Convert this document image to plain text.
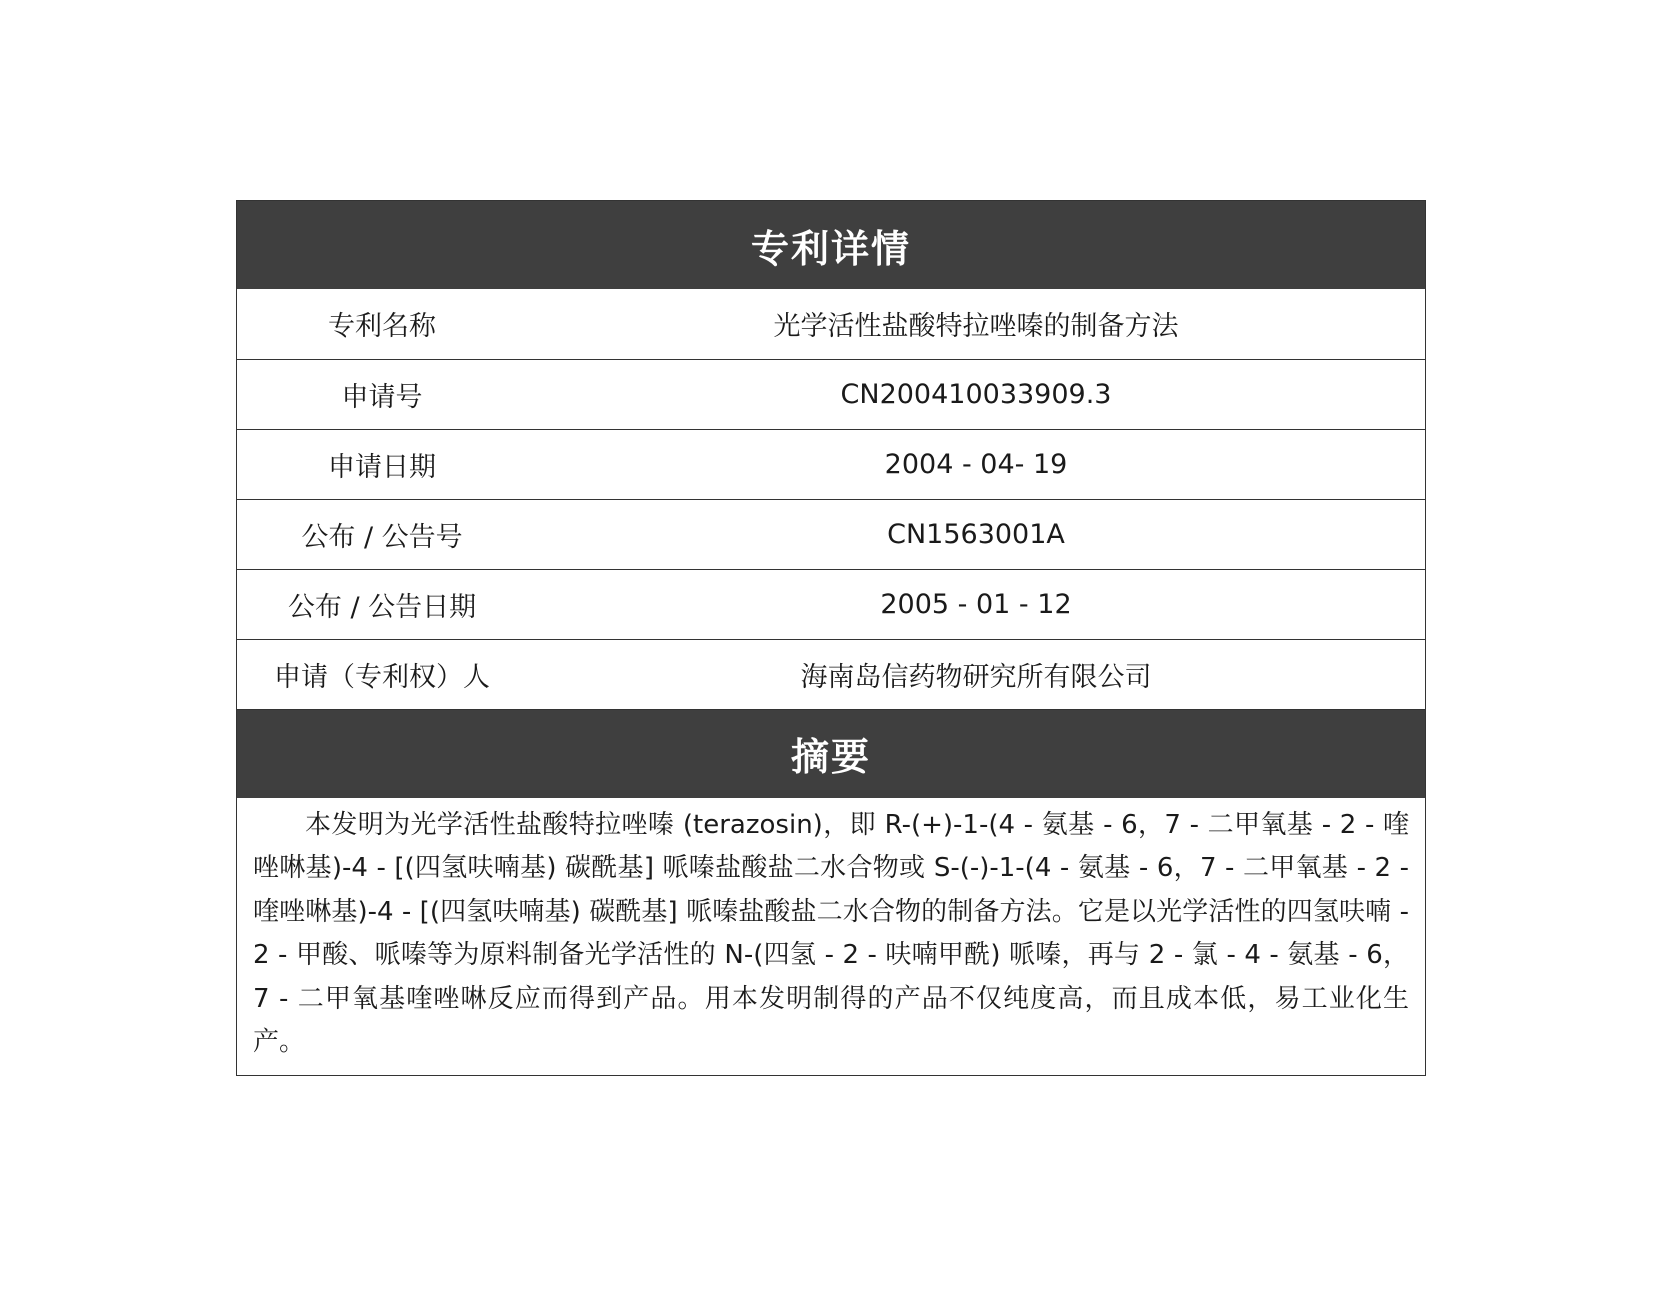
专利详情
专利名称	光学活性盐酸特拉唑嗪的制备方法
申请号	CN200410033909.3
申请日期	2004 - 04- 19
公布 / 公告号	CN1563001A
公布 / 公告日期	2005 - 01 - 12
申请（专利权）人	海南岛信药物研究所有限公司
摘要
本发明为光学活性盐酸特拉唑嗪 (terazosin)，即 R-(+)-1-(4 - 氨基 - 6，7 - 二甲氧基 - 2 - 喹唑啉基)-4 - [(四氢呋喃基) 碳酰基] 哌嗪盐酸盐二水合物或 S-(-)-1-(4 - 氨基 - 6，7 - 二甲氧基 - 2 - 喹唑啉基)-4 - [(四氢呋喃基) 碳酰基] 哌嗪盐酸盐二水合物的制备方法。它是以光学活性的四氢呋喃 - 2 - 甲酸、哌嗪等为原料制备光学活性的 N-(四氢 - 2 - 呋喃甲酰) 哌嗪，再与 2 - 氯 - 4 - 氨基 - 6，7 - 二甲氧基喹唑啉反应而得到产品。用本发明制得的产品不仅纯度高，而且成本低，易工业化生产。
